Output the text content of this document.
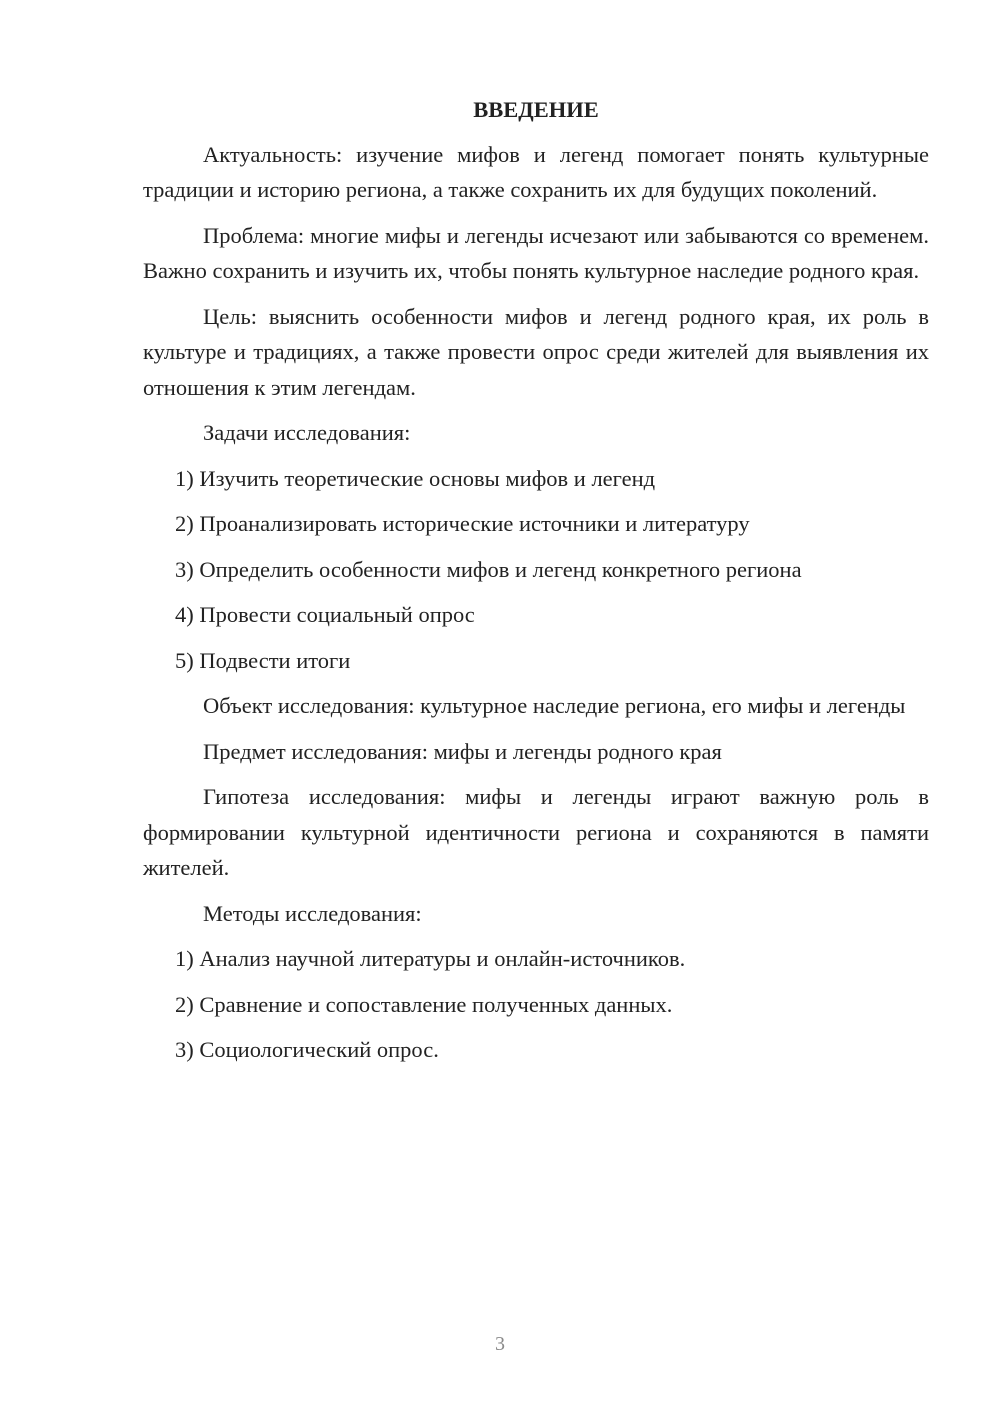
ВВЕДЕНИЕ

Актуальность: изучение мифов и легенд помогает понять культурные традиции и историю региона, а также сохранить их для будущих поколений.

Проблема: многие мифы и легенды исчезают или забываются со временем. Важно сохранить и изучить их, чтобы понять культурное наследие родного края.

Цель: выяснить особенности мифов и легенд родного края, их роль в культуре и традициях, а также провести опрос среди жителей для выявления их отношения к этим легендам.

Задачи исследования:
1) Изучить теоретические основы мифов и легенд
2) Проанализировать исторические источники и литературу
3) Определить особенности мифов и легенд конкретного региона
4) Провести социальный опрос
5) Подвести итоги

Объект исследования: культурное наследие региона, его мифы и легенды

Предмет исследования: мифы и легенды родного края

Гипотеза исследования: мифы и легенды играют важную роль в формировании культурной идентичности региона и сохраняются в памяти жителей.

Методы исследования:
1) Анализ научной литературы и онлайн-источников.
2) Сравнение и сопоставление полученных данных.
3) Социологический опрос.
3
